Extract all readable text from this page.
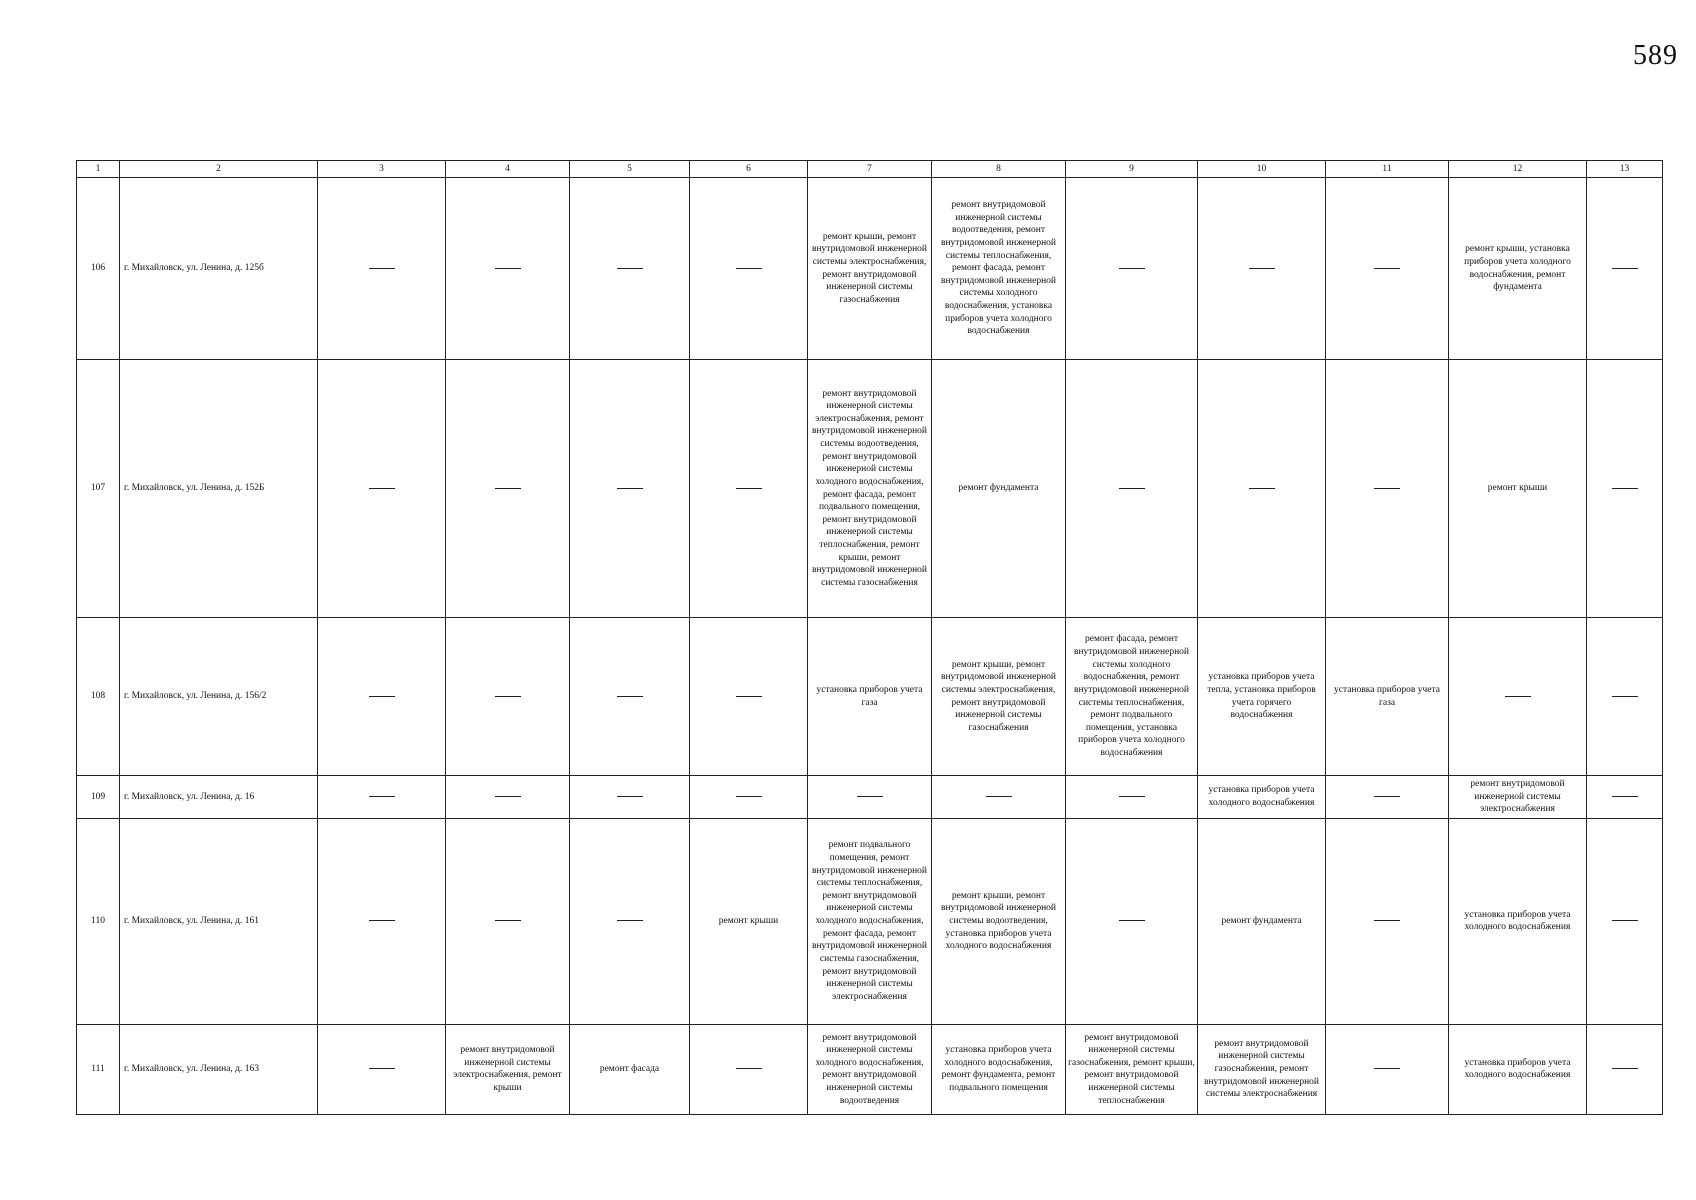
589
1	2	3	4	5	6	7	8	9	10	11	12	13
106	г. Михайловск, ул. Ленина, д. 125б					ремонт крыши, ремонт внутридомовой инженерной системы электроснабжения, ремонт внутридомовой инженерной системы газоснабжения	ремонт внутридомовой инженерной системы водоотведения, ремонт внутридомовой инженерной системы теплоснабжения, ремонт фасада, ремонт внутридомовой инженерной системы холодного водоснабжения, установка приборов учета холодного водоснабжения				ремонт крыши, установка приборов учета холодного водоснабжения, ремонт фундамента	
107	г. Михайловск, ул. Ленина, д. 152Б					ремонт внутридомовой инженерной системы электроснабжения, ремонт внутридомовой инженерной системы водоотведения, ремонт внутридомовой инженерной системы холодного водоснабжения, ремонт фасада, ремонт подвального помещения, ремонт внутридомовой инженерной системы теплоснабжения, ремонт крыши, ремонт внутридомовой инженерной системы газоснабжения	ремонт фундамента				ремонт крыши	
108	г. Михайловск, ул. Ленина, д. 156/2					установка приборов учета газа	ремонт крыши, ремонт внутридомовой инженерной системы электроснабжения, ремонт внутридомовой инженерной системы газоснабжения	ремонт фасада, ремонт внутридомовой инженерной системы холодного водоснабжения, ремонт внутридомовой инженерной системы теплоснабжения, ремонт подвального помещения, установка приборов учета холодного водоснабжения	установка приборов учета тепла, установка приборов учета горячего водоснабжения	установка приборов учета газа		
109	г. Михайловск, ул. Ленина, д. 16								установка приборов учета холодного водоснабжения		ремонт внутридомовой инженерной системы электроснабжения	
110	г. Михайловск, ул. Ленина, д. 161				ремонт крыши	ремонт подвального помещения, ремонт внутридомовой инженерной системы теплоснабжения, ремонт внутридомовой инженерной системы холодного водоснабжения, ремонт фасада, ремонт внутридомовой инженерной системы газоснабжения, ремонт внутридомовой инженерной системы электроснабжения	ремонт крыши, ремонт внутридомовой инженерной системы водоотведения, установка приборов учета холодного водоснабжения		ремонт фундамента		установка приборов учета холодного водоснабжения	
111	г. Михайловск, ул. Ленина, д. 163		ремонт внутридомовой инженерной системы электроснабжения, ремонт крыши	ремонт фасада		ремонт внутридомовой инженерной системы холодного водоснабжения, ремонт внутридомовой инженерной системы водоотведения	установка приборов учета холодного водоснабжения, ремонт фундамента, ремонт подвального помещения	ремонт внутридомовой инженерной системы газоснабжения, ремонт крыши, ремонт внутридомовой инженерной системы теплоснабжения	ремонт внутридомовой инженерной системы газоснабжения, ремонт внутридомовой инженерной системы электроснабжения		установка приборов учета холодного водоснабжения	
